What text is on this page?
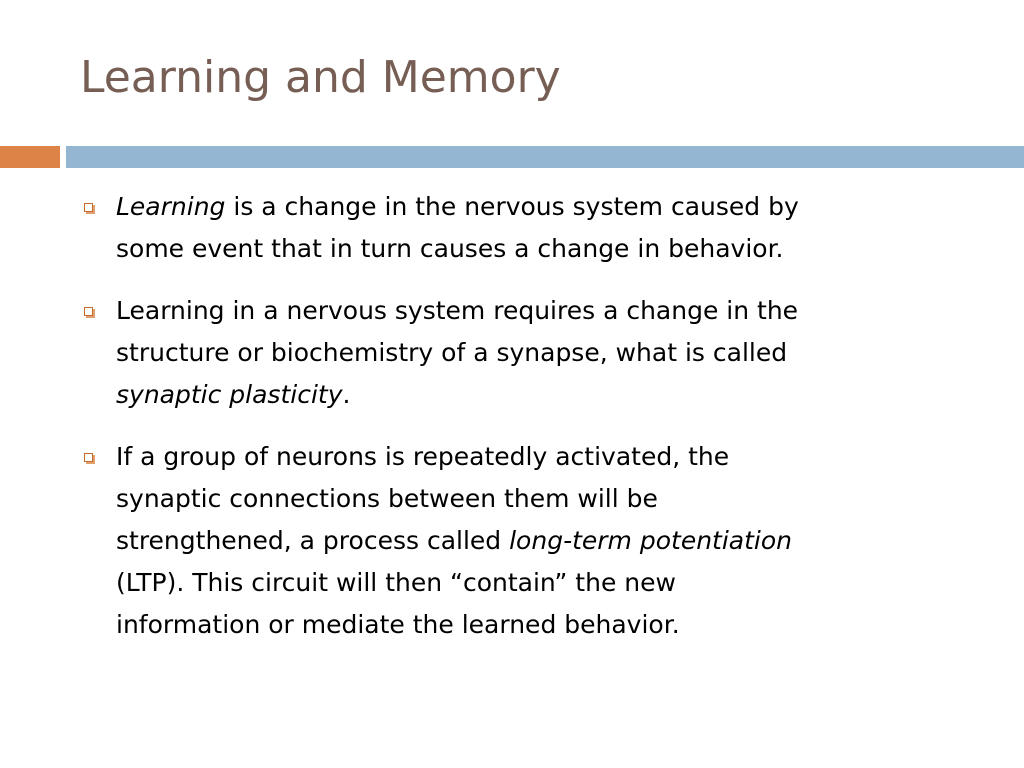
Learning and Memory
Learning is a change in the nervous system caused by
some event that in turn causes a change in behavior.
Learning in a nervous system requires a change in the
structure or biochemistry of a synapse, what is called
synaptic plasticity.
If a group of neurons is repeatedly activated, the
synaptic connections between them will be
strengthened, a process called long-term potentiation
(LTP). This circuit will then “contain” the new
information or mediate the learned behavior.
